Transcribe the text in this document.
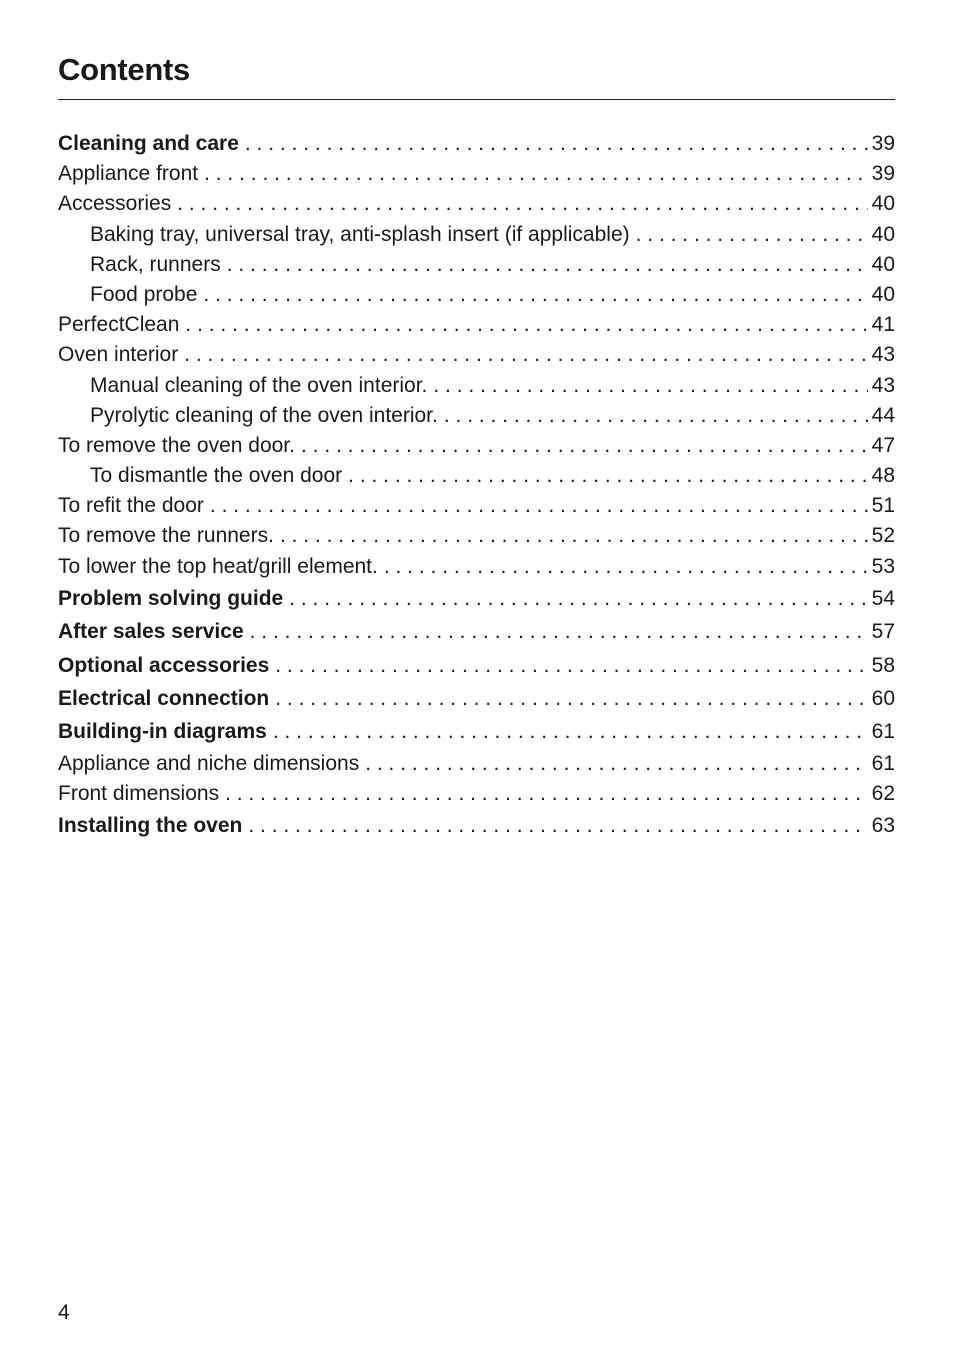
Contents
Cleaning and care . . .	39
Appliance front . . .	39
Accessories . . .	40
Baking tray, universal tray, anti-splash insert (if applicable) . . .	40
Rack, runners . . .	40
Food probe . . .	40
PerfectClean . . .	41
Oven interior . . .	43
Manual cleaning of the oven interior. . . .	43
Pyrolytic cleaning of the oven interior. . . .	44
To remove the oven door. . . .	47
To dismantle the oven door . . .	48
To refit the door . . .	51
To remove the runners. . . .	52
To lower the top heat/grill element. . . .	53
Problem solving guide . . .	54
After sales service . . .	57
Optional accessories . . .	58
Electrical connection . . .	60
Building-in diagrams . . .	61
Appliance and niche dimensions . . .	61
Front dimensions . . .	62
Installing the oven . . .	63
4
